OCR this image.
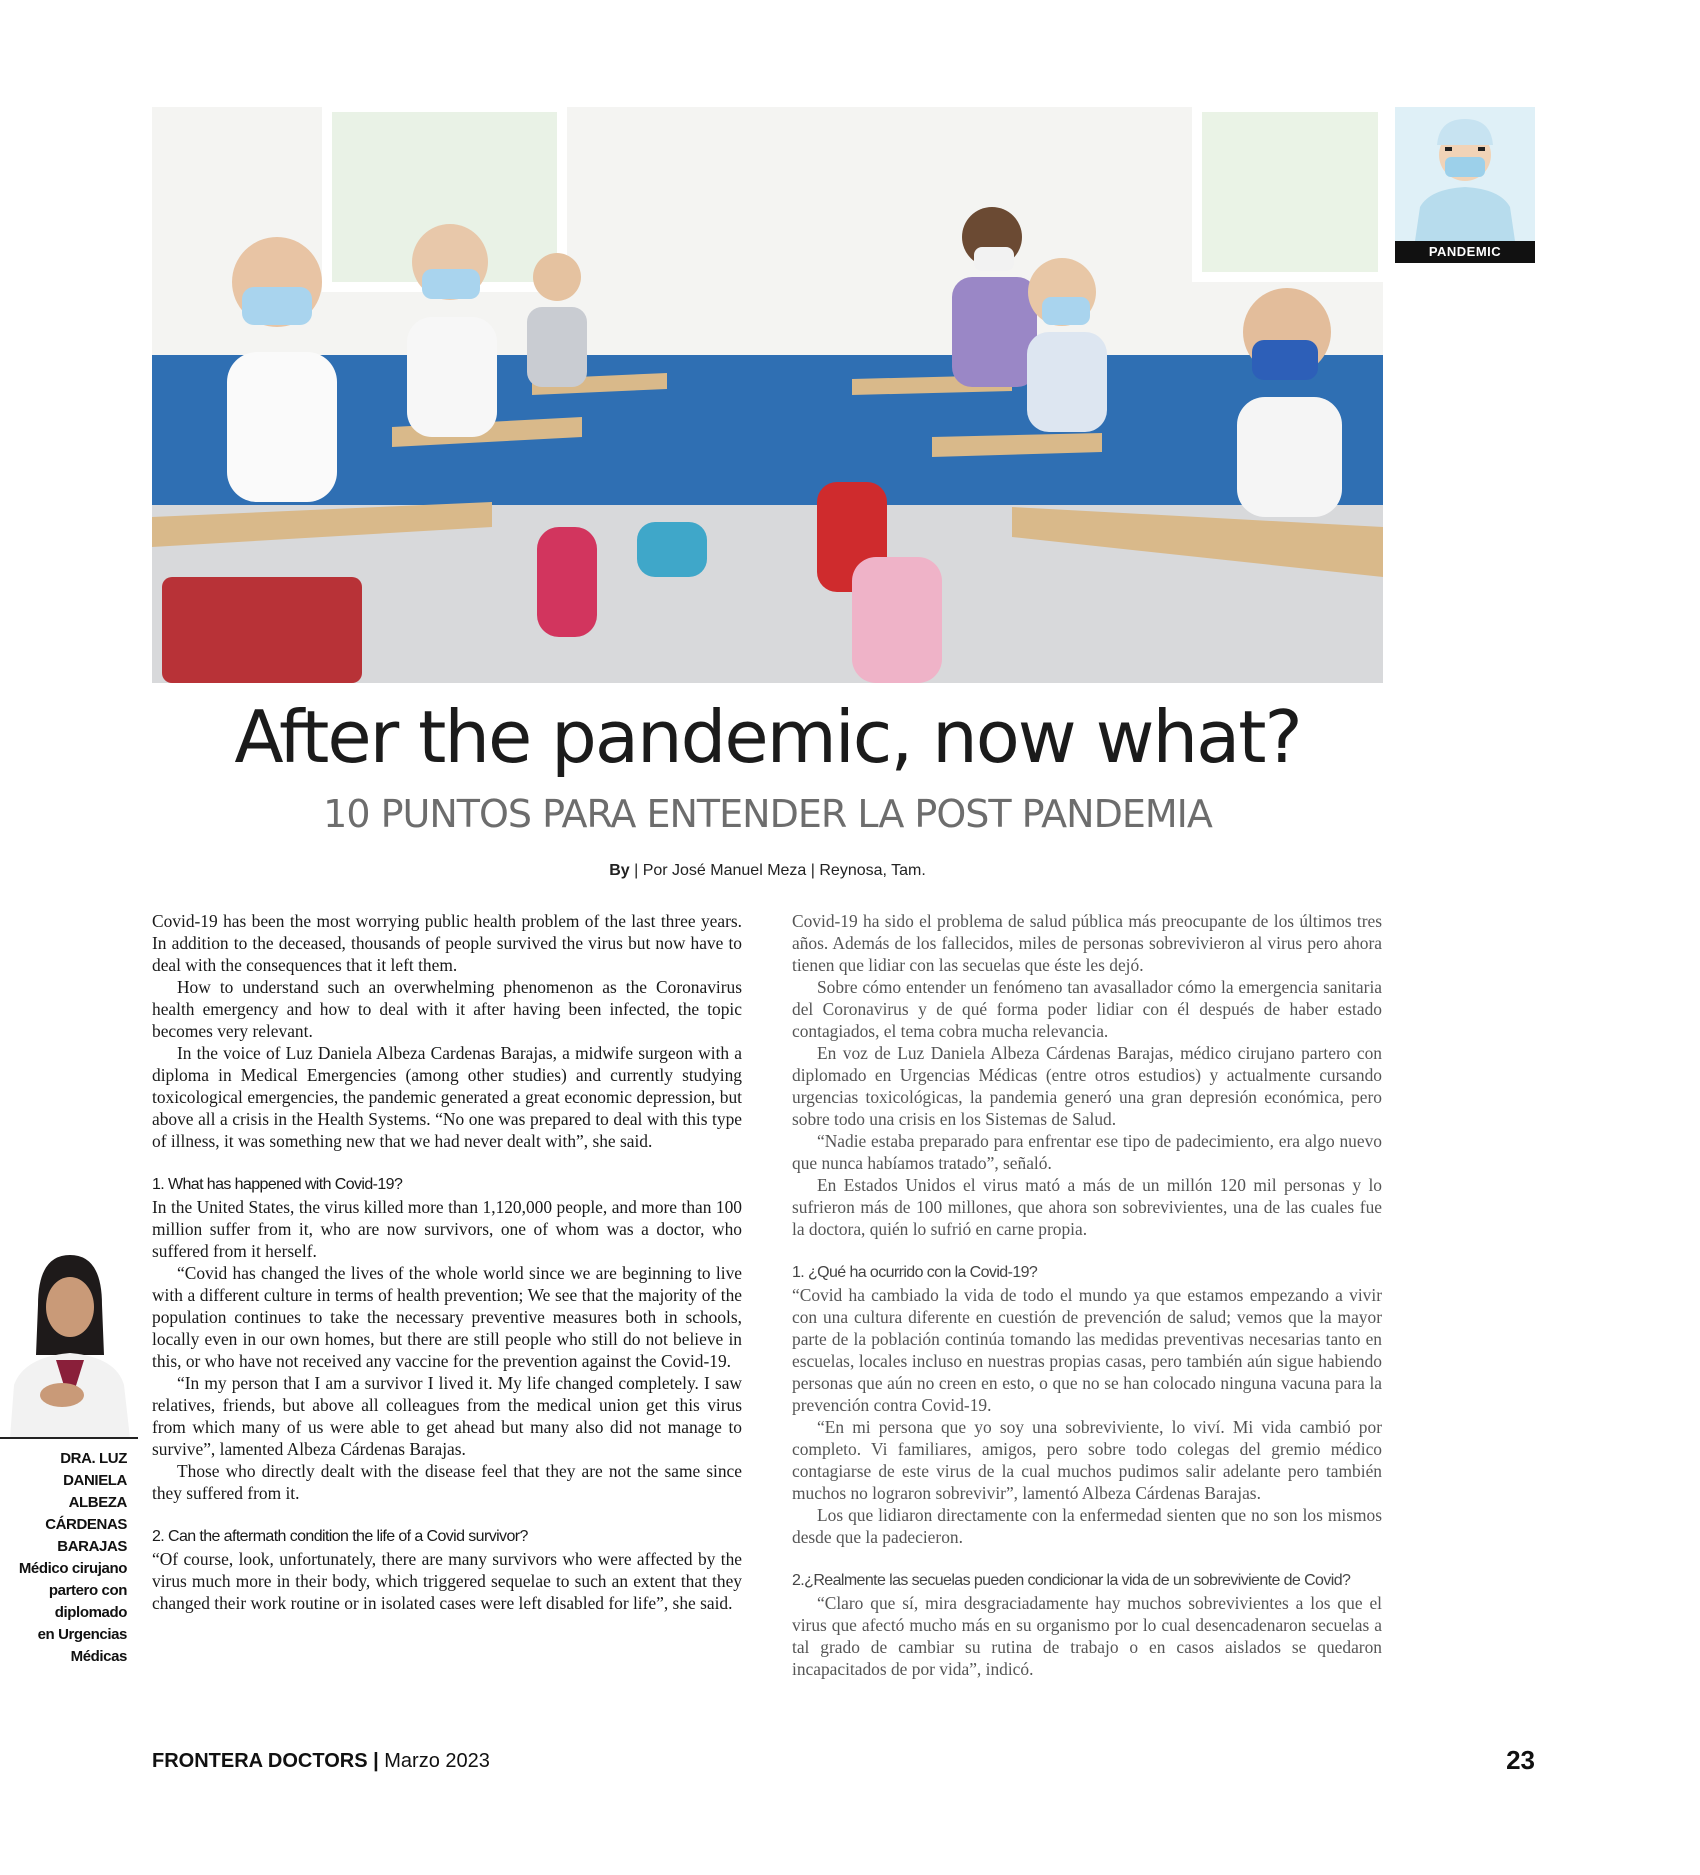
PANDEMIC
After the pandemic, now what?
10 PUNTOS PARA ENTENDER LA POST PANDEMIA
By | Por José Manuel Meza | Reynosa, Tam.

Covid-19 has been the most worrying public health problem of the last three years. In addition to the deceased, thousands of people survived the virus but now have to deal with the consequences that it left them.

How to understand such an overwhelming phenomenon as the Coronavirus health emergency and how to deal with it after having been infected, the topic becomes very relevant.

In the voice of Luz Daniela Albeza Cardenas Barajas, a midwife surgeon with a diploma in Medical Emergencies (among other studies) and currently studying toxicological emergencies, the pandemic generated a great economic depression, but above all a crisis in the Health Systems. “No one was prepared to deal with this type of illness, it was something new that we had never dealt with”, she said.

1. What has happened with Covid-19?

In the United States, the virus killed more than 1,120,000 people, and more than 100 million suffer from it, who are now survivors, one of whom was a doctor, who suffered from it herself.

“Covid has changed the lives of the whole world since we are beginning to live with a different culture in terms of health prevention; We see that the majority of the population continues to take the necessary preventive measures both in schools, locally even in our own homes, but there are still people who still do not believe in this, or who have not received any vaccine for the prevention against the Covid-19.

“In my person that I am a survivor I lived it. My life changed completely. I saw relatives, friends, but above all colleagues from the medical union get this virus from which many of us were able to get ahead but many also did not manage to survive”, lamented Albeza Cárdenas Barajas.

Those who directly dealt with the disease feel that they are not the same since they suffered from it.

2. Can the aftermath condition the life of a Covid survivor?

“Of course, look, unfortunately, there are many survivors who were affected by the virus much more in their body, which triggered sequelae to such an extent that they changed their work routine or in isolated cases were left disabled for life”, she said.

Covid-19 ha sido el problema de salud pública más preocupante de los últimos tres años. Además de los fallecidos, miles de personas sobrevivieron al virus pero ahora tienen que lidiar con las secuelas que éste les dejó.

Sobre cómo entender un fenómeno tan avasallador cómo la emergencia sanitaria del Coronavirus y de qué forma poder lidiar con él después de haber estado contagiados, el tema cobra mucha relevancia.

En voz de Luz Daniela Albeza Cárdenas Barajas, médico cirujano partero con diplomado en Urgencias Médicas (entre otros estudios) y actualmente cursando urgencias toxicológicas, la pandemia generó una gran depresión económica, pero sobre todo una crisis en los Sistemas de Salud.

“Nadie estaba preparado para enfrentar ese tipo de padecimiento, era algo nuevo que nunca habíamos tratado”, señaló.

En Estados Unidos el virus mató a más de un millón 120 mil personas y lo sufrieron más de 100 millones, que ahora son sobrevivientes, una de las cuales fue la doctora, quién lo sufrió en carne propia.

1. ¿Qué ha ocurrido con la Covid-19?

“Covid ha cambiado la vida de todo el mundo ya que estamos empezando a vivir con una cultura diferente en cuestión de prevención de salud; vemos que la mayor parte de la población continúa tomando las medidas preventivas necesarias tanto en escuelas, locales incluso en nuestras propias casas, pero también aún sigue habiendo personas que aún no creen en esto, o que no se han colocado ninguna vacuna para la prevención contra Covid-19.

“En mi persona que yo soy una sobreviviente, lo viví. Mi vida cambió por completo. Vi familiares, amigos, pero sobre todo colegas del gremio médico contagiarse de este virus de la cual muchos pudimos salir adelante pero también muchos no lograron sobrevivir”, lamentó Albeza Cárdenas Barajas.

Los que lidiaron directamente con la enfermedad sienten que no son los mismos desde que la padecieron.

2.¿Realmente las secuelas pueden condicionar la vida de un sobreviviente de Covid?

“Claro que sí, mira desgraciadamente hay muchos sobrevivientes a los que el virus que afectó mucho más en su organismo por lo cual desencadenaron secuelas a tal grado de cambiar su rutina de trabajo o en casos aislados se quedaron incapacitados de por vida”, indicó.

DRA. LUZ
DANIELA
ALBEZA
CÁRDENAS
BARAJAS
Médico cirujano
partero con
diplomado
en Urgencias
Médicas
FRONTERA DOCTORS | Marzo 2023	23
